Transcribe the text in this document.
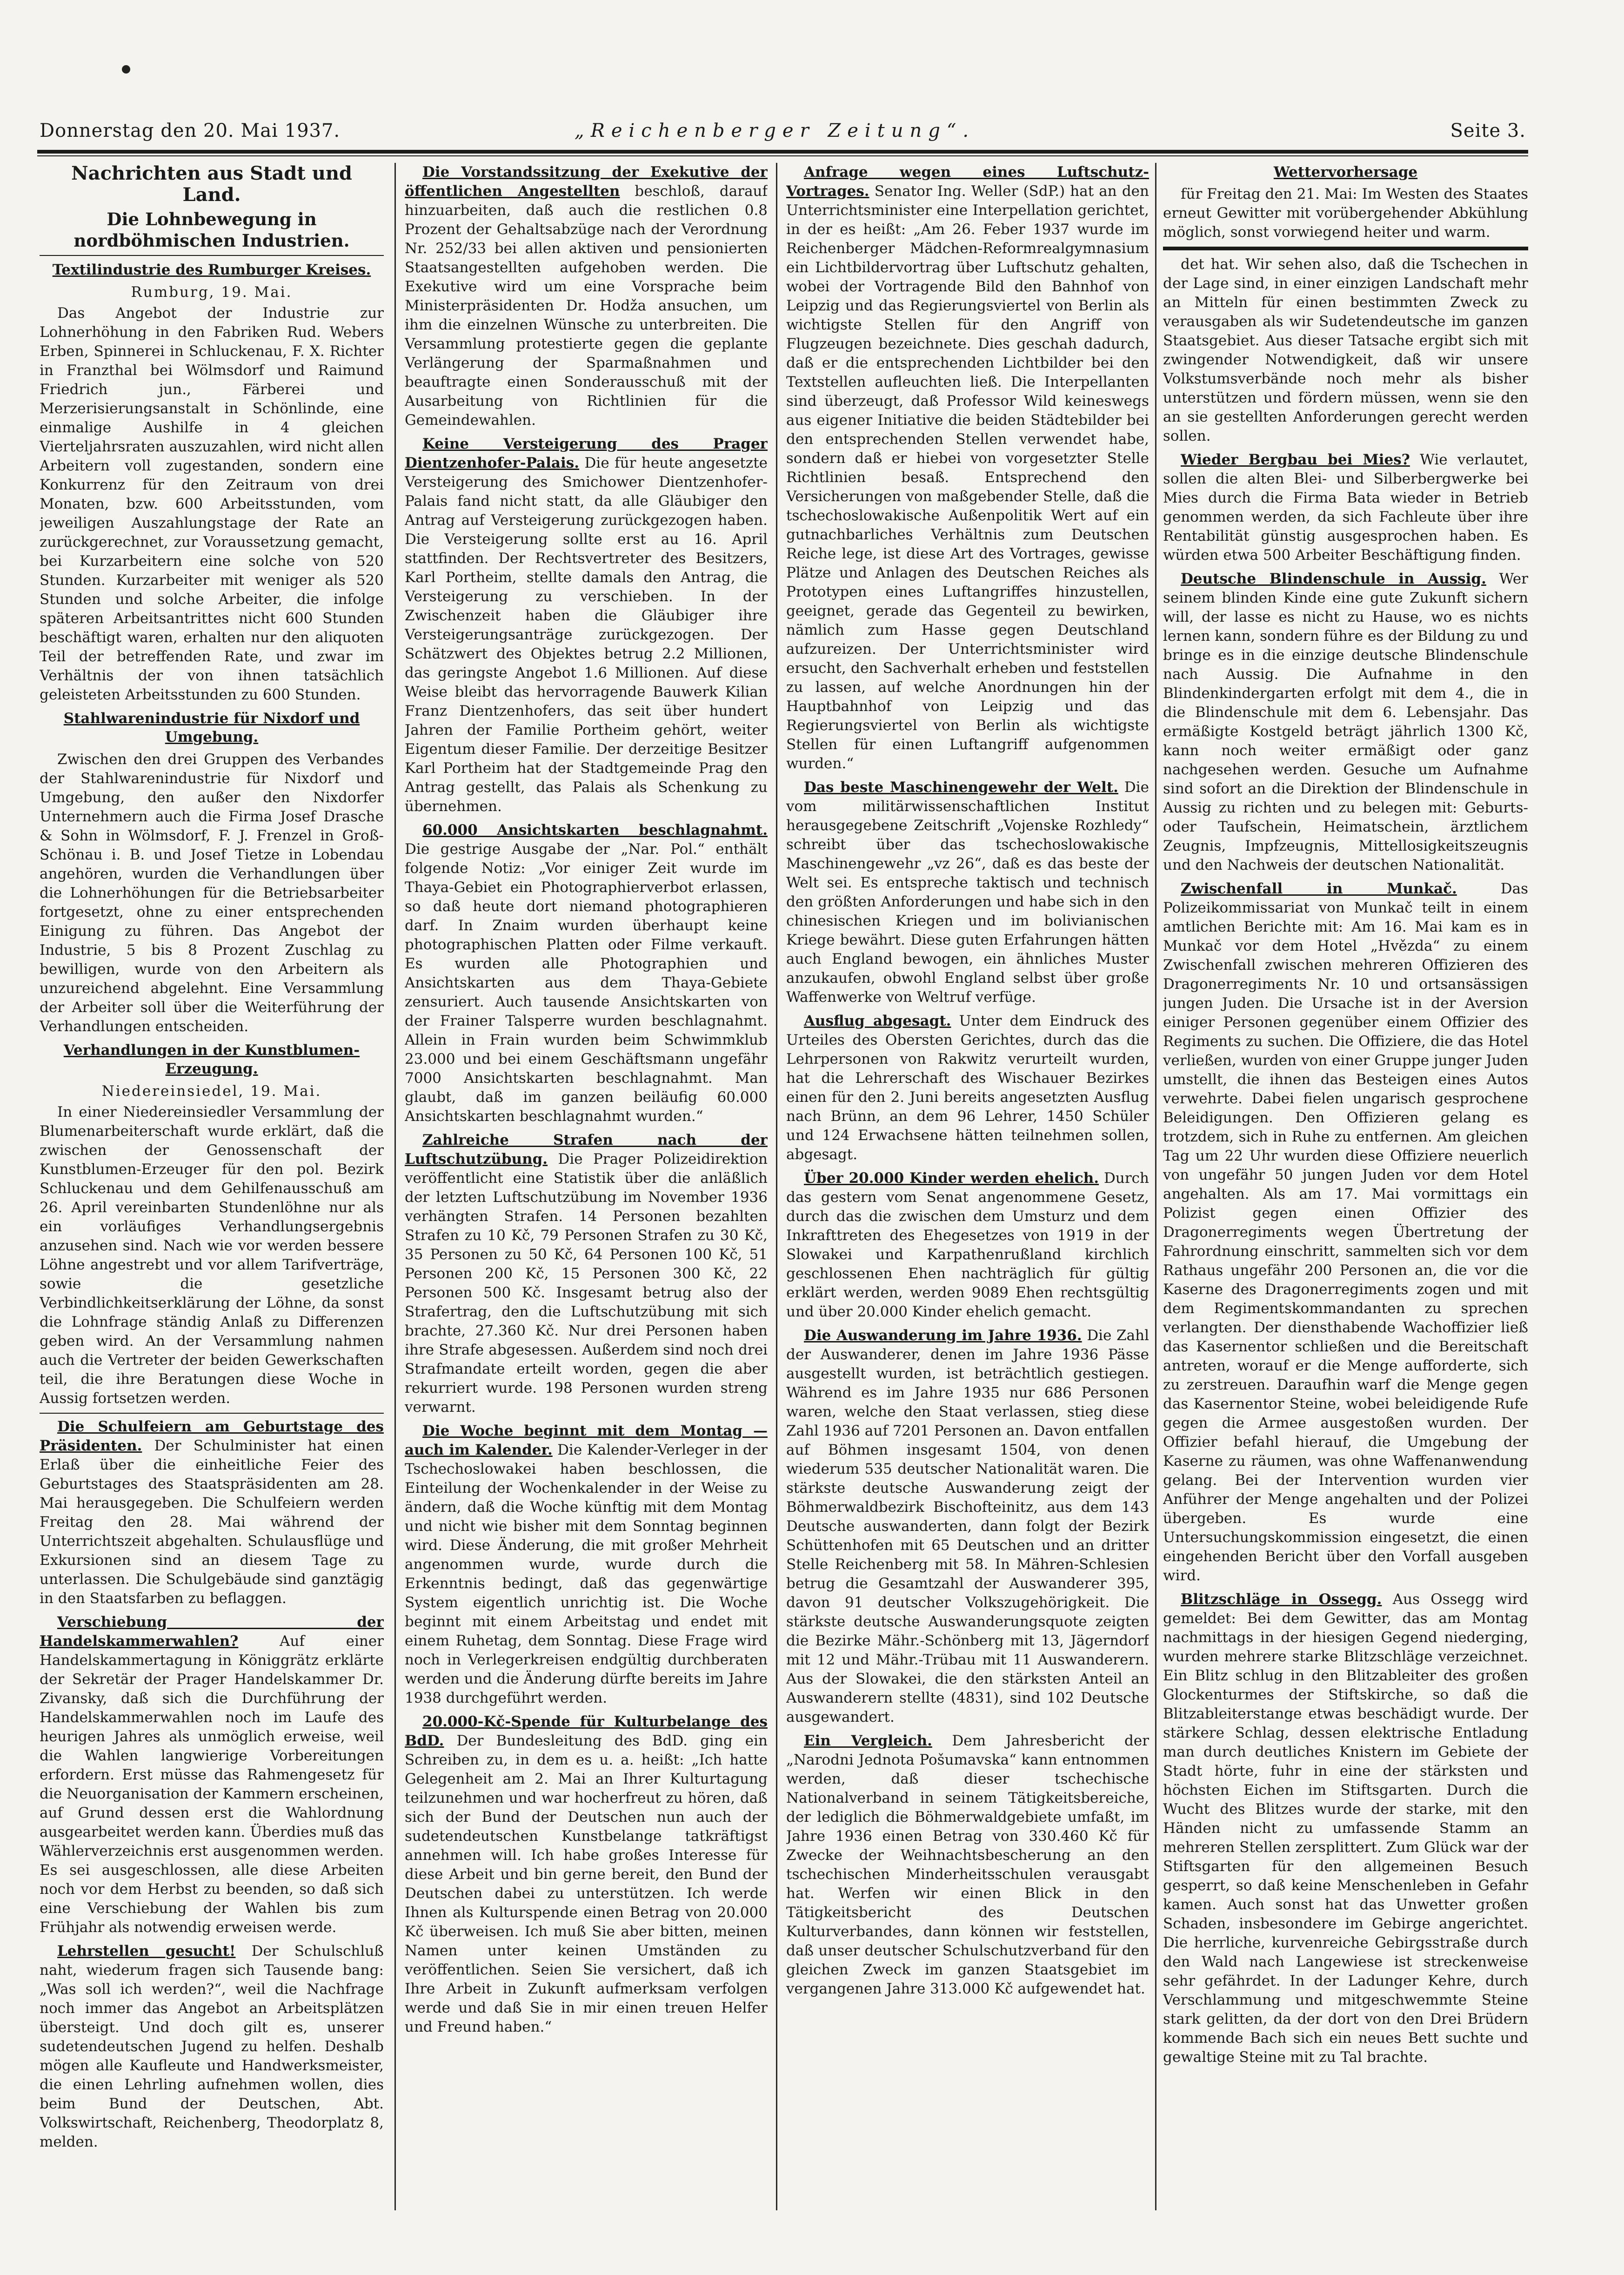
Donnerstag den 20. Mai 1937.	„Reichenberger Zeitung“.	Seite 3.
Nachrichten aus Stadt und Land.
Die Lohnbewegung in nordböhmischen Industrien.
Textilindustrie des Rumburger Kreises.
Rumburg, 19. Mai.

Das Angebot der Industrie zur Lohnerhöhung in den Fabriken Rud. Webers Erben, Spinnerei in Schluckenau, F. X. Richter in Franzthal bei Wölmsdorf und Raimund Friedrich jun., Färberei und Merzerisierungsanstalt in Schönlinde, eine einmalige Aushilfe in 4 gleichen Vierteljahrsraten auszuzahlen, wird nicht allen Arbeitern voll zugestanden, sondern eine Konkurrenz für den Zeitraum von drei Monaten, bzw. 600 Arbeitsstunden, vom jeweiligen Auszahlungstage der Rate an zurückgerechnet, zur Voraussetzung gemacht, bei Kurzarbeitern eine solche von 520 Stunden. Kurzarbeiter mit weniger als 520 Stunden und solche Arbeiter, die infolge späteren Arbeitsantrittes nicht 600 Stunden beschäftigt waren, erhalten nur den aliquoten Teil der betreffenden Rate, und zwar im Verhältnis der von ihnen tatsächlich geleisteten Arbeitsstunden zu 600 Stunden.

Stahlwarenindustrie für Nixdorf und Umgebung.

Zwischen den drei Gruppen des Verbandes der Stahlwarenindustrie für Nixdorf und Umgebung, den außer den Nixdorfer Unternehmern auch die Firma Josef Drasche & Sohn in Wölmsdorf, F. J. Frenzel in Groß-Schönau i. B. und Josef Tietze in Lobendau angehören, wurden die Verhandlungen über die Lohnerhöhungen für die Betriebsarbeiter fortgesetzt, ohne zu einer entsprechenden Einigung zu führen. Das Angebot der Industrie, 5 bis 8 Prozent Zuschlag zu bewilligen, wurde von den Arbeitern als unzureichend abgelehnt. Eine Versammlung der Arbeiter soll über die Weiterführung der Verhandlungen entscheiden.

Verhandlungen in der Kunstblumen-Erzeugung.
Niedereinsiedel, 19. Mai.

In einer Niedereinsiedler Versammlung der Blumenarbeiterschaft wurde erklärt, daß die zwischen der Genossenschaft der Kunstblumen-Erzeuger für den pol. Bezirk Schluckenau und dem Gehilfenausschuß am 26. April vereinbarten Stundenlöhne nur als ein vorläufiges Verhandlungsergebnis anzusehen sind. Nach wie vor werden bessere Löhne angestrebt und vor allem Tarifverträge, sowie die gesetzliche Verbindlichkeitserklärung der Löhne, da sonst die Lohnfrage ständig Anlaß zu Differenzen geben wird. An der Versammlung nahmen auch die Vertreter der beiden Gewerkschaften teil, die ihre Beratungen diese Woche in Aussig fortsetzen werden.

Die Schulfeiern am Geburtstage des Präsidenten. Der Schulminister hat einen Erlaß über die einheitliche Feier des Geburtstages des Staatspräsidenten am 28. Mai herausgegeben. Die Schulfeiern werden Freitag den 28. Mai während der Unterrichtszeit abgehalten. Schulausflüge und Exkursionen sind an diesem Tage zu unterlassen. Die Schulgebäude sind ganztägig in den Staatsfarben zu beflaggen.

Verschiebung der Handelskammerwahlen?	Auf einer Handelskammertagung in Königgrätz erklärte der Sekretär der Prager Handelskammer Dr. Zivansky, daß sich die Durchführung der Handelskammerwahlen noch im Laufe des heurigen Jahres als unmöglich erweise, weil die Wahlen langwierige Vorbereitungen erfordern. Erst müsse das Rahmengesetz für die Neuorganisation der Kammern erscheinen, auf Grund dessen erst die Wahlordnung ausgearbeitet werden kann. Überdies muß das Wählerverzeichnis erst ausgenommen werden. Es sei ausgeschlossen, alle diese Arbeiten noch vor dem Herbst zu beenden, so daß sich eine Verschiebung der Wahlen bis zum Frühjahr als notwendig erweisen werde.

Lehrstellen gesucht! Der Schulschluß naht, wiederum fragen sich Tausende bang: „Was soll ich werden?“, weil die Nachfrage noch immer das Angebot an Arbeitsplätzen übersteigt. Und doch gilt es, unserer sudetendeutschen Jugend zu helfen. Deshalb mögen alle Kaufleute und Handwerksmeister, die einen Lehrling aufnehmen wollen, dies beim Bund der Deutschen, Abt. Volkswirtschaft, Reichenberg, Theodorplatz 8, melden.

Die Vorstandssitzung der Exekutive der öffentlichen Angestellten beschloß, darauf hinzuarbeiten, daß auch die restlichen 0.8 Prozent der Gehaltsabzüge nach der Verordnung Nr. 252/33 bei allen aktiven und pensionierten Staatsangestellten aufgehoben werden. Die Exekutive wird um eine Vorsprache beim Ministerpräsidenten Dr. Hodža ansuchen, um ihm die einzelnen Wünsche zu unterbreiten. Die Versammlung protestierte gegen die geplante Verlängerung der Sparmaßnahmen und beauftragte einen Sonderausschuß mit der Ausarbeitung von Richtlinien für die Gemeindewahlen.

Keine Versteigerung des Prager Dientzenhofer-Palais. Die für heute angesetzte Versteigerung des Smichower Dientzenhofer-Palais fand nicht statt, da alle Gläubiger den Antrag auf Versteigerung zurückgezogen haben. Die Versteigerung sollte erst au 16. April stattfinden. Der Rechtsvertreter des Besitzers, Karl Portheim, stellte damals den Antrag, die Versteigerung zu verschieben. In der Zwischenzeit haben die Gläubiger ihre Versteigerungsanträge zurückgezogen. Der Schätzwert des Objektes betrug 2.2 Millionen, das geringste Angebot 1.6 Millionen. Auf diese Weise bleibt das hervorragende Bauwerk Kilian Franz Dientzenhofers, das seit über hundert Jahren der Familie Portheim gehört, weiter Eigentum dieser Familie. Der derzeitige Besitzer Karl Portheim hat der Stadtgemeinde Prag den Antrag gestellt, das Palais als Schenkung zu übernehmen.

60.000 Ansichtskarten beschlagnahmt. Die gestrige Ausgabe der „Nar. Pol.“ enthält folgende Notiz: „Vor einiger Zeit wurde im Thaya-Gebiet ein Photographierverbot erlassen, so daß heute dort niemand photographieren darf. In Znaim wurden überhaupt keine photographischen Platten oder Filme verkauft. Es wurden alle Photographien und Ansichtskarten aus dem Thaya-Gebiete zensuriert. Auch tausende Ansichtskarten von der Frainer Talsperre wurden beschlagnahmt. Allein in Frain wurden beim Schwimmklub 23.000 und bei einem Geschäftsmann ungefähr 7000 Ansichtskarten beschlagnahmt. Man glaubt, daß im ganzen beiläufig 60.000 Ansichtskarten beschlagnahmt wurden.“

Zahlreiche Strafen nach der Luftschutzübung. Die Prager Polizeidirektion veröffentlicht eine Statistik über die anläßlich der letzten Luftschutzübung im November 1936 verhängten Strafen. 14 Personen bezahlten Strafen zu 10 Kč, 79 Personen Strafen zu 30 Kč, 35 Personen zu 50 Kč, 64 Personen 100 Kč, 51 Personen 200 Kč, 15 Personen 300 Kč, 22 Personen 500 Kč. Insgesamt betrug also der Strafertrag, den die Luftschutzübung mit sich brachte, 27.360 Kč. Nur drei Personen haben ihre Strafe abgesessen. Außerdem sind noch drei Strafmandate erteilt worden, gegen die aber rekurriert wurde. 198 Personen wurden streng verwarnt.

Die Woche beginnt mit dem Montag — auch im Kalender. Die Kalender-Verleger in der Tschechoslowakei haben beschlossen, die Einteilung der Wochenkalender in der Weise zu ändern, daß die Woche künftig mit dem Montag und nicht wie bisher mit dem Sonntag beginnen wird. Diese Änderung, die mit großer Mehrheit angenommen wurde, wurde durch die Erkenntnis bedingt, daß das gegenwärtige System eigentlich unrichtig ist. Die Woche beginnt mit einem Arbeitstag und endet mit einem Ruhetag, dem Sonntag. Diese Frage wird noch in Verlegerkreisen endgültig durchberaten werden und die Änderung dürfte bereits im Jahre 1938 durchgeführt werden.

20.000-Kč-Spende für Kulturbelange des BdD. Der Bundesleitung des BdD. ging ein Schreiben zu, in dem es u. a. heißt: „Ich hatte Gelegenheit am 2. Mai an Ihrer Kulturtagung teilzunehmen und war hocherfreut zu hören, daß sich der Bund der Deutschen nun auch der sudetendeutschen Kunstbelange tatkräftigst annehmen will. Ich habe großes Interesse für diese Arbeit und bin gerne bereit, den Bund der Deutschen dabei zu unterstützen. Ich werde Ihnen als Kulturspende einen Betrag von 20.000 Kč überweisen. Ich muß Sie aber bitten, meinen Namen unter keinen Umständen zu veröffentlichen. Seien Sie versichert, daß ich Ihre Arbeit in Zukunft aufmerksam verfolgen werde und daß Sie in mir einen treuen Helfer und Freund haben.“

Anfrage wegen eines Luftschutz-Vortrages. Senator Ing. Weller (SdP.) hat an den Unterrichtsminister eine Interpellation gerichtet, in der es heißt: „Am 26. Feber 1937 wurde im Reichenberger Mädchen-Reformrealgymnasium ein Lichtbildervortrag über Luftschutz gehalten, wobei der Vortragende Bild den Bahnhof von Leipzig und das Regierungsviertel von Berlin als wichtigste Stellen für den Angriff von Flugzeugen bezeichnete. Dies geschah dadurch, daß er die entsprechenden Lichtbilder bei den Textstellen aufleuchten ließ. Die Interpellanten sind überzeugt, daß Professor Wild keineswegs aus eigener Initiative die beiden Städtebilder bei den entsprechenden Stellen verwendet habe, sondern daß er hiebei von vorgesetzter Stelle Richtlinien besaß. Entsprechend den Versicherungen von maßgebender Stelle, daß die tschechoslowakische Außenpolitik Wert auf ein gutnachbarliches Verhältnis zum Deutschen Reiche lege, ist diese Art des Vortrages, gewisse Plätze und Anlagen des Deutschen Reiches als Prototypen eines Luftangriffes hinzustellen, geeignet, gerade das Gegenteil zu bewirken, nämlich zum Hasse gegen Deutschland aufzureizen. Der Unterrichtsminister wird ersucht, den Sachverhalt erheben und feststellen zu lassen, auf welche Anordnungen hin der Hauptbahnhof von Leipzig und das Regierungsviertel von Berlin als wichtigste Stellen für einen Luftangriff aufgenommen wurden.“

Das beste Maschinengewehr der Welt. Die vom militärwissenschaftlichen Institut herausgegebene Zeitschrift „Vojenske Rozhledy“ schreibt über das tschechoslowakische Maschinengewehr „vz 26“, daß es das beste der Welt sei. Es entspreche taktisch und technisch den größten Anforderungen und habe sich in den chinesischen Kriegen und im bolivianischen Kriege bewährt. Diese guten Erfahrungen hätten auch England bewogen, ein ähnliches Muster anzukaufen, obwohl England selbst über große Waffenwerke von Weltruf verfüge.

Ausflug abgesagt. Unter dem Eindruck des Urteiles des Obersten Gerichtes, durch das die Lehrpersonen von Rakwitz verurteilt wurden, hat die Lehrerschaft des Wischauer Bezirkes einen für den 2. Juni bereits angesetzten Ausflug nach Brünn, an dem 96 Lehrer, 1450 Schüler und 124 Erwachsene hätten teilnehmen sollen, abgesagt.

Über 20.000 Kinder werden ehelich. Durch das gestern vom Senat angenommene Gesetz, durch das die zwischen dem Umsturz und dem Inkrafttreten des Ehegesetzes von 1919 in der Slowakei und Karpathenrußland kirchlich geschlossenen Ehen nachträglich für gültig erklärt werden, werden 9089 Ehen rechtsgültig und über 20.000 Kinder ehelich gemacht.

Die Auswanderung im Jahre 1936. Die Zahl der Auswanderer, denen im Jahre 1936 Pässe ausgestellt wurden, ist beträchtlich gestiegen. Während es im Jahre 1935 nur 686 Personen waren, welche den Staat verlassen, stieg diese Zahl 1936 auf 7201 Personen an. Davon entfallen auf Böhmen insgesamt 1504, von denen wiederum 535 deutscher Nationalität waren. Die stärkste deutsche Auswanderung zeigt der Böhmerwaldbezirk Bischofteinitz, aus dem 143 Deutsche auswanderten, dann folgt der Bezirk Schüttenhofen mit 65 Deutschen und an dritter Stelle Reichenberg mit 58. In Mähren-Schlesien betrug die Gesamtzahl der Auswanderer 395, davon 91 deutscher Volkszugehörigkeit. Die stärkste deutsche Auswanderungsquote zeigten die Bezirke Mähr.-Schönberg mit 13, Jägerndorf mit 12 und Mähr.-Trübau mit 11 Auswanderern. Aus der Slowakei, die den stärksten Anteil an Auswanderern stellte (4831), sind 102 Deutsche ausgewandert.

Ein Vergleich. Dem Jahresbericht der „Narodni Jednota Pošumavska“ kann entnommen werden, daß dieser tschechische Nationalverband in seinem Tätigkeitsbereiche, der lediglich die Böhmerwaldgebiete umfaßt, im Jahre 1936 einen Betrag von 330.460 Kč für Zwecke der Weihnachtsbescherung an den tschechischen Minderheitsschulen verausgabt hat. Werfen wir einen Blick in den Tätigkeitsbericht des Deutschen Kulturverbandes, dann können wir feststellen, daß unser deutscher Schulschutzverband für den gleichen Zweck im ganzen Staatsgebiet im vergangenen Jahre 313.000 Kč aufgewendet hat.

Wettervorhersage

für Freitag den 21. Mai: Im Westen des Staates erneut Gewitter mit vorübergehender Abkühlung möglich, sonst vorwiegend heiter und warm.

det hat. Wir sehen also, daß die Tschechen in der Lage sind, in einer einzigen Landschaft mehr an Mitteln für einen bestimmten Zweck zu verausgaben als wir Sudetendeutsche im ganzen Staatsgebiet. Aus dieser Tatsache ergibt sich mit zwingender Notwendigkeit, daß wir unsere Volkstumsverbände noch mehr als bisher unterstützen und fördern müssen, wenn sie den an sie gestellten Anforderungen gerecht werden sollen.

Wieder Bergbau bei Mies? Wie verlautet, sollen die alten Blei- und Silberbergwerke bei Mies durch die Firma Bata wieder in Betrieb genommen werden, da sich Fachleute über ihre Rentabilität günstig ausgesprochen haben. Es würden etwa 500 Arbeiter Beschäftigung finden.

Deutsche Blindenschule in Aussig. Wer seinem blinden Kinde eine gute Zukunft sichern will, der lasse es nicht zu Hause, wo es nichts lernen kann, sondern führe es der Bildung zu und bringe es in die einzige deutsche Blindenschule nach Aussig. Die Aufnahme in den Blindenkindergarten erfolgt mit dem 4., die in die Blindenschule mit dem 6. Lebensjahr. Das ermäßigte Kostgeld beträgt jährlich 1300 Kč, kann noch weiter ermäßigt oder ganz nachgesehen werden. Gesuche um Aufnahme sind sofort an die Direktion der Blindenschule in Aussig zu richten und zu belegen mit: Geburts- oder Taufschein, Heimatschein, ärztlichem Zeugnis, Impfzeugnis, Mittellosigkeitszeugnis und den Nachweis der deutschen Nationalität.

Zwischenfall in Munkač.	Das Polizeikommissariat von Munkač teilt in einem amtlichen Berichte mit: Am 16. Mai kam es in Munkač vor dem Hotel „Hvězda“ zu einem Zwischenfall zwischen mehreren Offizieren des Dragonerregiments Nr. 10 und ortsansässigen jungen Juden. Die Ursache ist in der Aversion einiger Personen gegenüber einem Offizier des Regiments zu suchen. Die Offiziere, die das Hotel verließen, wurden von einer Gruppe junger Juden umstellt, die ihnen das Besteigen eines Autos verwehrte. Dabei fielen ungarisch gesprochene Beleidigungen. Den Offizieren gelang es trotzdem, sich in Ruhe zu entfernen. Am gleichen Tag um 22 Uhr wurden diese Offiziere neuerlich von ungefähr 50 jungen Juden vor dem Hotel angehalten. Als am 17. Mai vormittags ein Polizist gegen einen Offizier des Dragonerregiments wegen Übertretung der Fahrordnung einschritt, sammelten sich vor dem Rathaus ungefähr 200 Personen an, die vor die Kaserne des Dragonerregiments zogen und mit dem Regimentskommandanten zu sprechen verlangten. Der diensthabende Wachoffizier ließ das Kasernentor schließen und die Bereitschaft antreten, worauf er die Menge aufforderte, sich zu zerstreuen. Daraufhin warf die Menge gegen das Kasernentor Steine, wobei beleidigende Rufe gegen die Armee ausgestoßen wurden. Der Offizier befahl hierauf, die Umgebung der Kaserne zu räumen, was ohne Waffenanwendung gelang. Bei der Intervention wurden vier Anführer der Menge angehalten und der Polizei übergeben. Es wurde eine Untersuchungskommission eingesetzt, die einen eingehenden Bericht über den Vorfall ausgeben wird.

Blitzschläge in Ossegg. Aus Ossegg wird gemeldet: Bei dem Gewitter, das am Montag nachmittags in der hiesigen Gegend niederging, wurden mehrere starke Blitzschläge verzeichnet. Ein Blitz schlug in den Blitzableiter des großen Glockenturmes der Stiftskirche, so daß die Blitzableiterstange etwas beschädigt wurde. Der stärkere Schlag, dessen elektrische Entladung man durch deutliches Knistern im Gebiete der Stadt hörte, fuhr in eine der stärksten und höchsten Eichen im Stiftsgarten. Durch die Wucht des Blitzes wurde der starke, mit den Händen nicht zu umfassende Stamm an mehreren Stellen zersplittert. Zum Glück war der Stiftsgarten für den allgemeinen Besuch gesperrt, so daß keine Menschenleben in Gefahr kamen. Auch sonst hat das Unwetter großen Schaden, insbesondere im Gebirge angerichtet. Die herrliche, kurvenreiche Gebirgsstraße durch den Wald nach Langewiese ist streckenweise sehr gefährdet. In der Ladunger Kehre, durch Verschlammung und mitgeschwemmte Steine stark gelitten, da der dort von den Drei Brüdern kommende Bach sich ein neues Bett suchte und gewaltige Steine mit zu Tal brachte.
